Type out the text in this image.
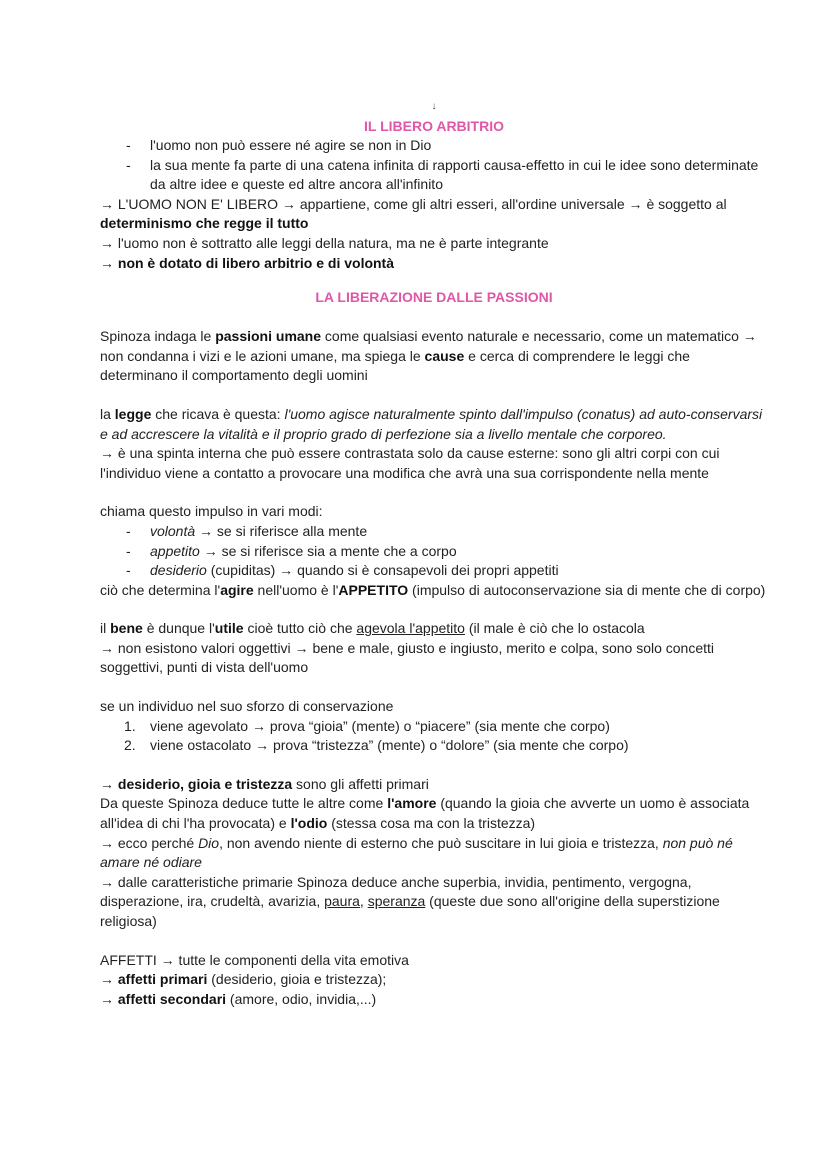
↓
IL LIBERO ARBITRIO
- l'uomo non può essere né agire se non in Dio
- la sua mente fa parte di una catena infinita di rapporti causa-effetto in cui le idee sono determinate da altre idee e queste ed altre ancora all'infinito

→ L'UOMO NON E' LIBERO → appartiene, come gli altri esseri, all'ordine universale → è soggetto al determinismo che regge il tutto

→ l'uomo non è sottratto alle leggi della natura, ma ne è parte integrante

→ non è dotato di libero arbitrio e di volontà

LA LIBERAZIONE DALLE PASSIONI

Spinoza indaga le passioni umane come qualsiasi evento naturale e necessario, come un matematico → non condanna i vizi e le azioni umane, ma spiega le cause e cerca di comprendere le leggi che determinano il comportamento degli uomini

la legge che ricava è questa: l'uomo agisce naturalmente spinto dall'impulso (conatus) ad auto-conservarsi e ad accrescere la vitalità e il proprio grado di perfezione sia a livello mentale che corporeo.

→ è una spinta interna che può essere contrastata solo da cause esterne: sono gli altri corpi con cui l'individuo viene a contatto a provocare una modifica che avrà una sua corrispondente nella mente

chiama questo impulso in vari modi:

- volontà → se si riferisce alla mente
- appetito → se si riferisce sia a mente che a corpo
- desiderio (cupiditas) → quando si è consapevoli dei propri appetiti

ciò che determina l'agire nell'uomo è l'APPETITO (impulso di autoconservazione sia di mente che di corpo)

il bene è dunque l'utile cioè tutto ciò che agevola l'appetito (il male è ciò che lo ostacola

→ non esistono valori oggettivi → bene e male, giusto e ingiusto, merito e colpa, sono solo concetti soggettivi, punti di vista dell'uomo

se un individuo nel suo sforzo di conservazione

1. viene agevolato → prova “gioia” (mente) o “piacere” (sia mente che corpo)
2. viene ostacolato → prova “tristezza” (mente) o “dolore” (sia mente che corpo)

→ desiderio, gioia e tristezza sono gli affetti primari

Da queste Spinoza deduce tutte le altre come l'amore (quando la gioia che avverte un uomo è associata all'idea di chi l'ha provocata) e l'odio (stessa cosa ma con la tristezza)

→ ecco perché Dio, non avendo niente di esterno che può suscitare in lui gioia e tristezza, non può né amare né odiare

→ dalle caratteristiche primarie Spinoza deduce anche superbia, invidia, pentimento, vergogna, disperazione, ira, crudeltà, avarizia, paura, speranza (queste due sono all'origine della superstizione religiosa)

AFFETTI → tutte le componenti della vita emotiva

→ affetti primari (desiderio, gioia e tristezza);

→ affetti secondari (amore, odio, invidia,...)
